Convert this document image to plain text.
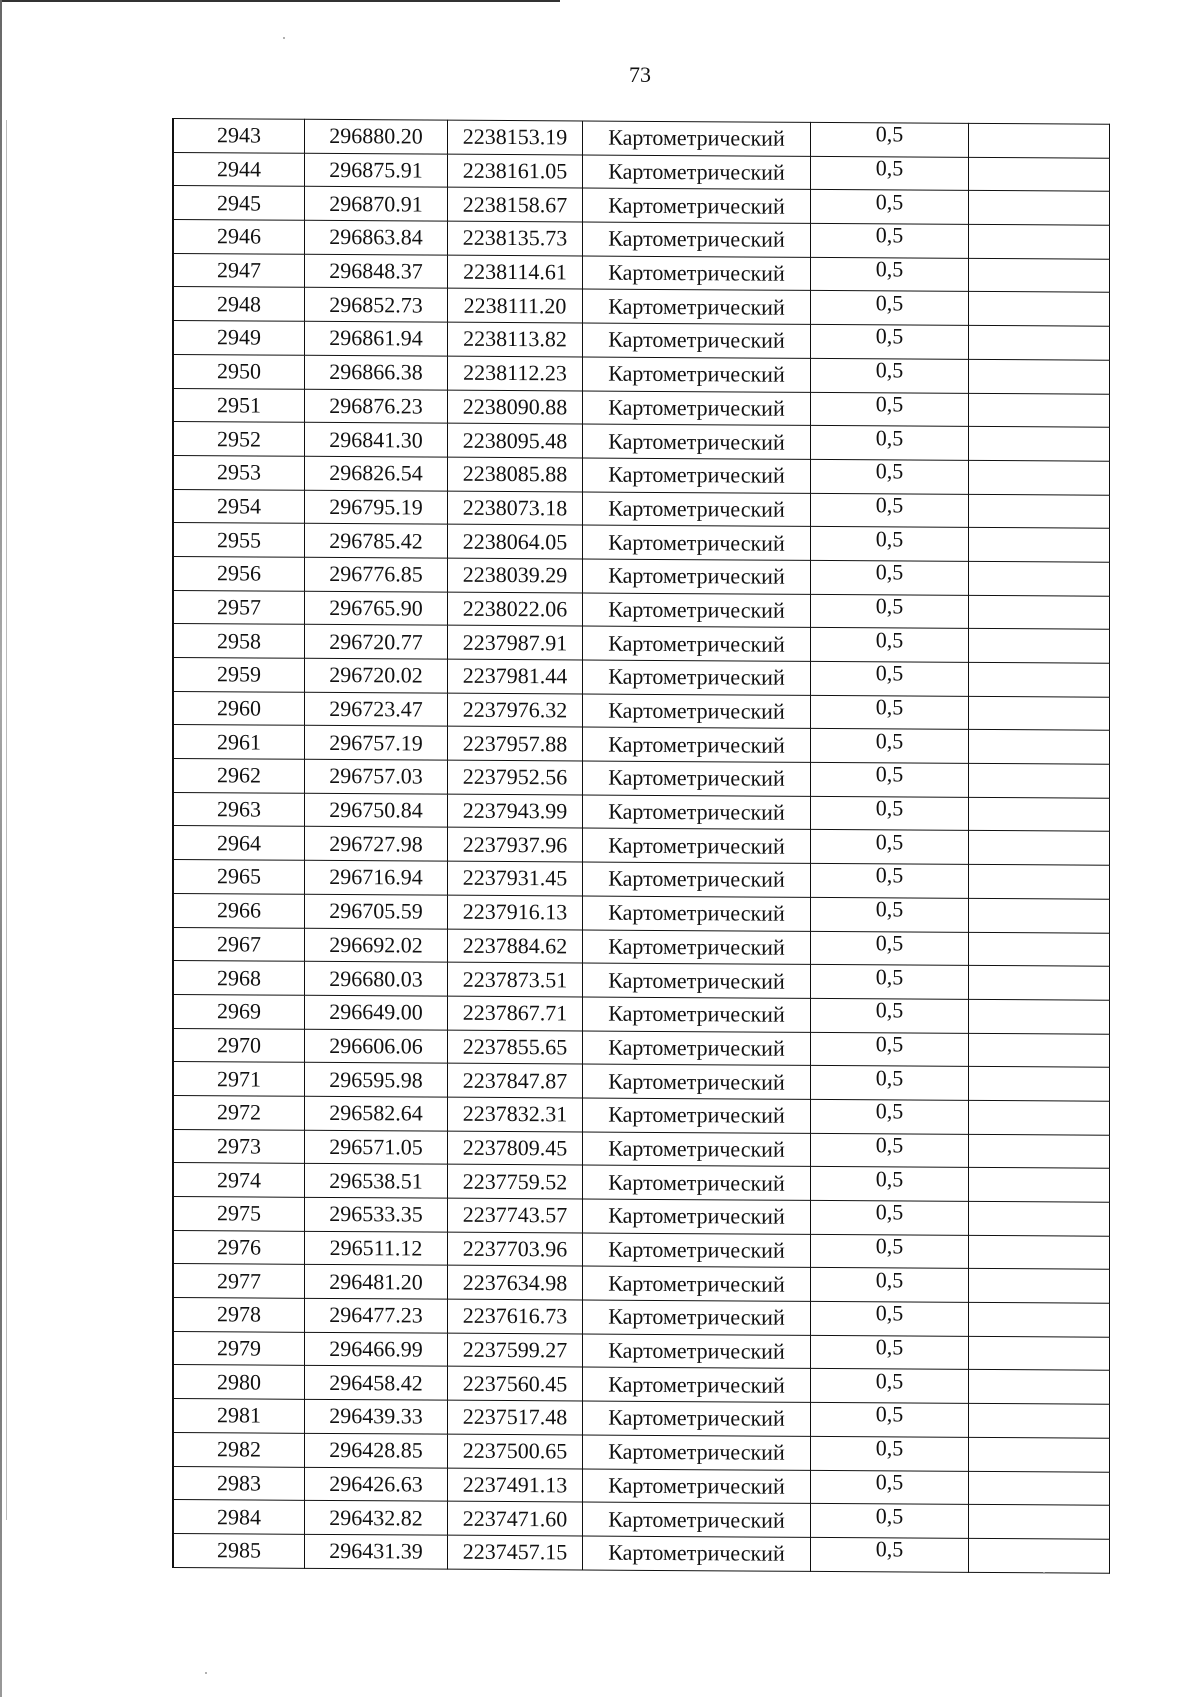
73
2943	296880.20	2238153.19	Картометрический	0,5	
2944	296875.91	2238161.05	Картометрический	0,5	
2945	296870.91	2238158.67	Картометрический	0,5	
2946	296863.84	2238135.73	Картометрический	0,5	
2947	296848.37	2238114.61	Картометрический	0,5	
2948	296852.73	2238111.20	Картометрический	0,5	
2949	296861.94	2238113.82	Картометрический	0,5	
2950	296866.38	2238112.23	Картометрический	0,5	
2951	296876.23	2238090.88	Картометрический	0,5	
2952	296841.30	2238095.48	Картометрический	0,5	
2953	296826.54	2238085.88	Картометрический	0,5	
2954	296795.19	2238073.18	Картометрический	0,5	
2955	296785.42	2238064.05	Картометрический	0,5	
2956	296776.85	2238039.29	Картометрический	0,5	
2957	296765.90	2238022.06	Картометрический	0,5	
2958	296720.77	2237987.91	Картометрический	0,5	
2959	296720.02	2237981.44	Картометрический	0,5	
2960	296723.47	2237976.32	Картометрический	0,5	
2961	296757.19	2237957.88	Картометрический	0,5	
2962	296757.03	2237952.56	Картометрический	0,5	
2963	296750.84	2237943.99	Картометрический	0,5	
2964	296727.98	2237937.96	Картометрический	0,5	
2965	296716.94	2237931.45	Картометрический	0,5	
2966	296705.59	2237916.13	Картометрический	0,5	
2967	296692.02	2237884.62	Картометрический	0,5	
2968	296680.03	2237873.51	Картометрический	0,5	
2969	296649.00	2237867.71	Картометрический	0,5	
2970	296606.06	2237855.65	Картометрический	0,5	
2971	296595.98	2237847.87	Картометрический	0,5	
2972	296582.64	2237832.31	Картометрический	0,5	
2973	296571.05	2237809.45	Картометрический	0,5	
2974	296538.51	2237759.52	Картометрический	0,5	
2975	296533.35	2237743.57	Картометрический	0,5	
2976	296511.12	2237703.96	Картометрический	0,5	
2977	296481.20	2237634.98	Картометрический	0,5	
2978	296477.23	2237616.73	Картометрический	0,5	
2979	296466.99	2237599.27	Картометрический	0,5	
2980	296458.42	2237560.45	Картометрический	0,5	
2981	296439.33	2237517.48	Картометрический	0,5	
2982	296428.85	2237500.65	Картометрический	0,5	
2983	296426.63	2237491.13	Картометрический	0,5	
2984	296432.82	2237471.60	Картометрический	0,5	
2985	296431.39	2237457.15	Картометрический	0,5	
